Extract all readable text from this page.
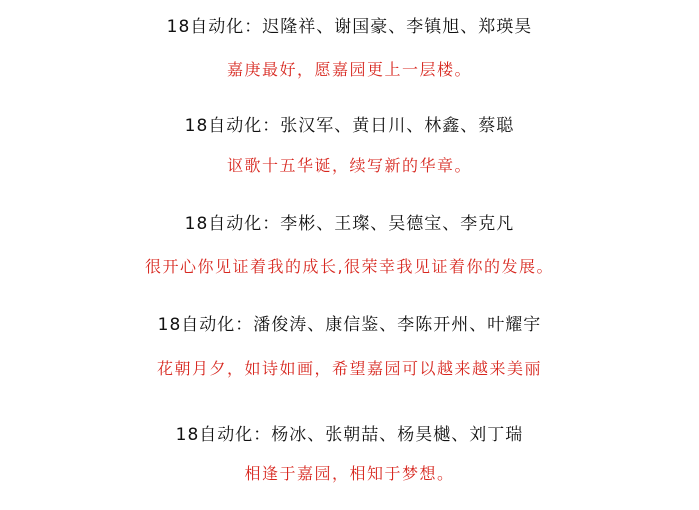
18自动化：迟隆祥、谢国豪、李镇旭、郑瑛昊
嘉庚最好，愿嘉园更上一层楼。
18自动化：张汉军、黄日川、林鑫、蔡聪
讴歌十五华诞，续写新的华章。
18自动化：李彬、王璨、吴德宝、李克凡
很开心你见证着我的成长,很荣幸我见证着你的发展。
18自动化：潘俊涛、康信鉴、李陈开州、叶耀宇
花朝月夕，如诗如画，希望嘉园可以越来越来美丽
18自动化：杨冰、张朝喆、杨昊樾、刘丁瑞
相逢于嘉园，相知于梦想。
